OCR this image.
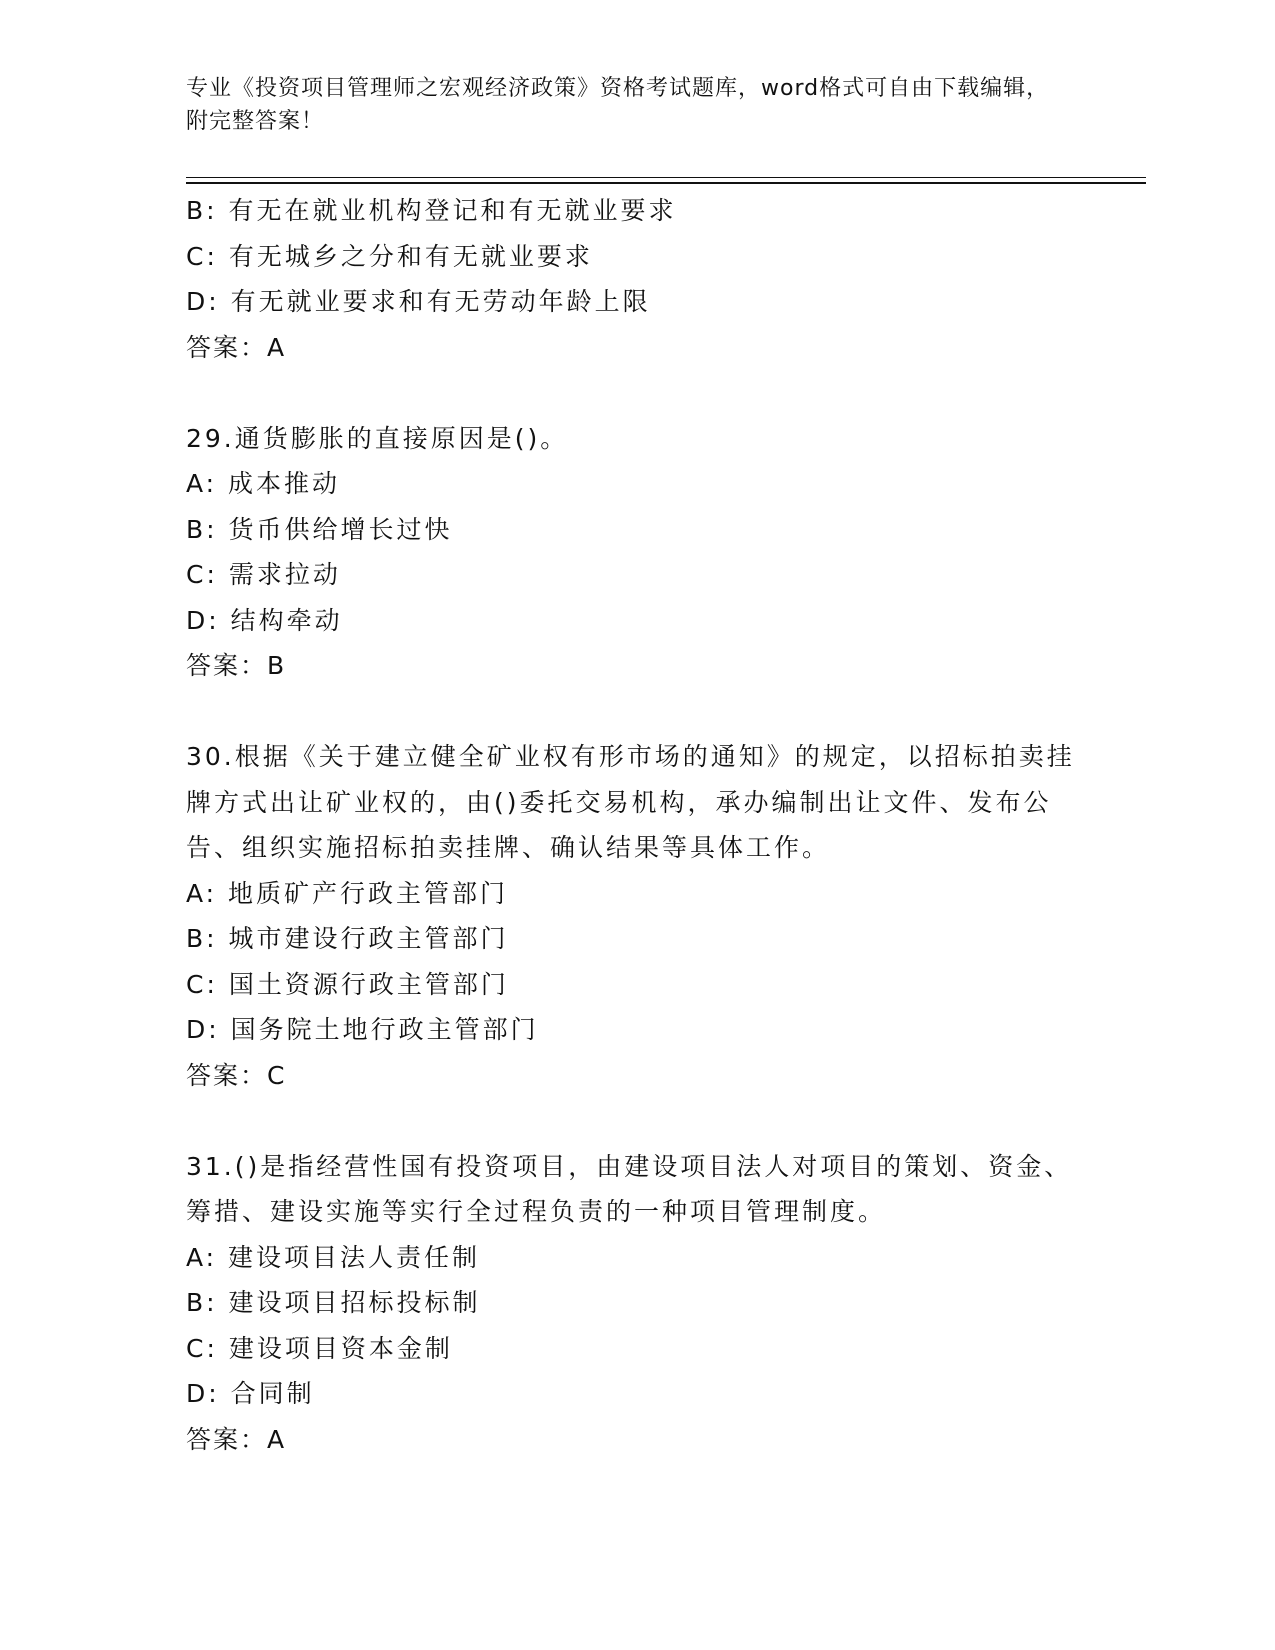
专业《投资项目管理师之宏观经济政策》资格考试题库，word格式可自由下载编辑，附完整答案！
B: 有无在就业机构登记和有无就业要求
C: 有无城乡之分和有无就业要求
D: 有无就业要求和有无劳动年龄上限
答案：A
29.通货膨胀的直接原因是()。
A: 成本推动
B: 货币供给增长过快
C: 需求拉动
D: 结构牵动
答案：B
30.根据《关于建立健全矿业权有形市场的通知》的规定，以招标拍卖挂牌方式出让矿业权的，由()委托交易机构，承办编制出让文件、发布公告、组织实施招标拍卖挂牌、确认结果等具体工作。
A: 地质矿产行政主管部门
B: 城市建设行政主管部门
C: 国土资源行政主管部门
D: 国务院土地行政主管部门
答案：C
31.()是指经营性国有投资项目，由建设项目法人对项目的策划、资金、筹措、建设实施等实行全过程负责的一种项目管理制度。
A: 建设项目法人责任制
B: 建设项目招标投标制
C: 建设项目资本金制
D: 合同制
答案：A
